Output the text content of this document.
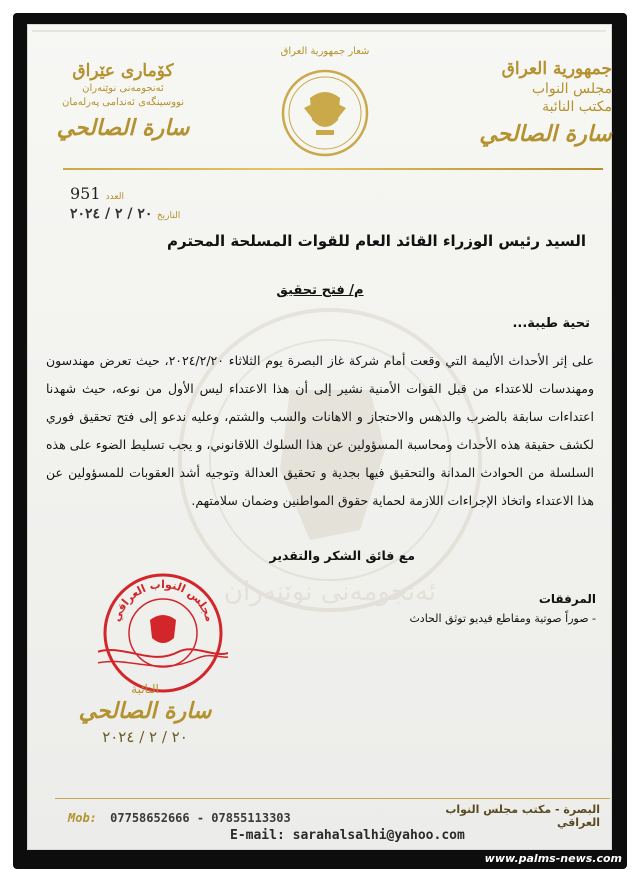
ئەنجومەنی نوێنەران

جمهورية العراق

مجلس النواب

مكتب النائبة

سارة الصالحي

كۆماری عێراق

ئەنجومەنی نوێنەران

نووسینگەی ئەندامی پەرلەمان

سارة الصالحي

شعار جمهورية العراق
العدد 951
التاريخ ٢٠ / ٢ / ٢٠٢٤
السيد رئيس الوزراء القائد العام للقوات المسلحة المحترم
م/ فتح تحقيق
تحية طيبة...

على إثر الأحداث الأليمة التي وقعت أمام شركة غاز البصرة يوم الثلاثاء ٢٠٢٤/٢/٢٠، حيث تعرض مهندسون ومهندسات للاعتداء من قبل القوات الأمنية نشير إلى أن هذا الاعتداء ليس الأول من نوعه، حيث شهدنا اعتداءات سابقة بالضرب والدهس والاحتجاز و الاهانات والسب والشتم، وعليه ندعو إلى فتح تحقيق فوري لكشف حقيقة هذه الأحداث ومحاسبة المسؤولين عن هذا السلوك اللاقانوني، و يجب تسليط الضوء على هذه السلسلة من الحوادث المدانة والتحقيق فيها بجدية و تحقيق العدالة وتوجيه أشد العقوبات للمسؤولين عن هذا الاعتداء واتخاذ الإجراءات اللازمة لحماية حقوق المواطنين وضمان سلامتهم.

مع فائق الشكر والتقدير
المرفقات
- صوراً صوتية ومقاطع فيديو توثق الحادث
مجلس النواب العراقي

النائبة

سارة الصالحي

٢٠ / ٢ / ٢٠٢٤

البصرة - مكتب مجلس النواب العراقي
Mob: 07758652666 - 07855113303
E-mail: sarahalsalhi@yahoo.com
www.palms-news.com
